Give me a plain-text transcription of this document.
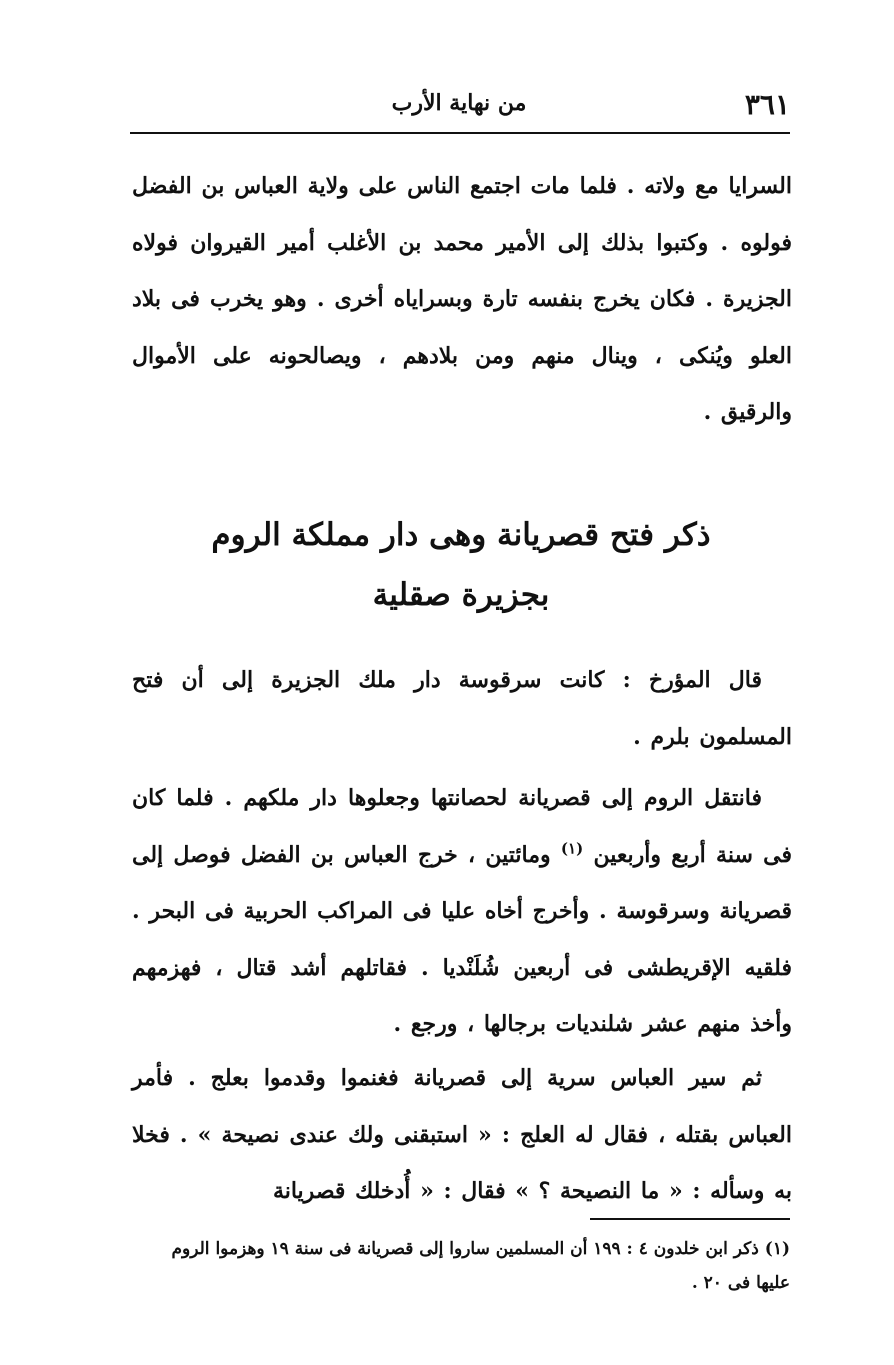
٣٦١
من نهاية الأرب
السرايا مع ولاته . فلما مات اجتمع الناس على ولاية العباس بن الفضل فولوه . وكتبوا بذلك إلى الأمير محمد بن الأغلب أمير القيروان فولاه الجزيرة . فكان يخرج بنفسه تارة وبسراياه أخرى . وهو يخرب فى بلاد العلو ويُنكى ، وينال منهم ومن بلادهم ، ويصالحونه على الأموال والرقيق .
ذكر فتح قصريانة وهى دار مملكة الروم
بجزيرة صقلية
قال المؤرخ : كانت سرقوسة دار ملك الجزيرة إلى أن فتح المسلمون بلرم .
فانتقل الروم إلى قصريانة لحصانتها وجعلوها دار ملكهم . فلما كان فى سنة أربع وأربعين $^{(١)}$ ومائتين ، خرج العباس بن الفضل فوصل إلى قصريانة وسرقوسة . وأخرج أخاه عليا فى المراكب الحربية فى البحر . فلقيه الإقريطشى فى أربعين شُلَنْديا . فقاتلهم أشد قتال ، فهزمهم وأخذ منهم عشر شلنديات برجالها ، ورجع .
ثم سير العباس سرية إلى قصريانة فغنموا وقدموا بعلج . فأمر العباس بقتله ، فقال له العلج : « استبقنى ولك عندى نصيحة » . فخلا به وسأله : « ما النصيحة ؟ » فقال : « أُدخلك قصريانة
(١) ذكر ابن خلدون ٤ : ١٩٩ أن المسلمين ساروا إلى قصريانة فى سنة ١٩ وهزموا الروم عليها فى ٢٠ .
